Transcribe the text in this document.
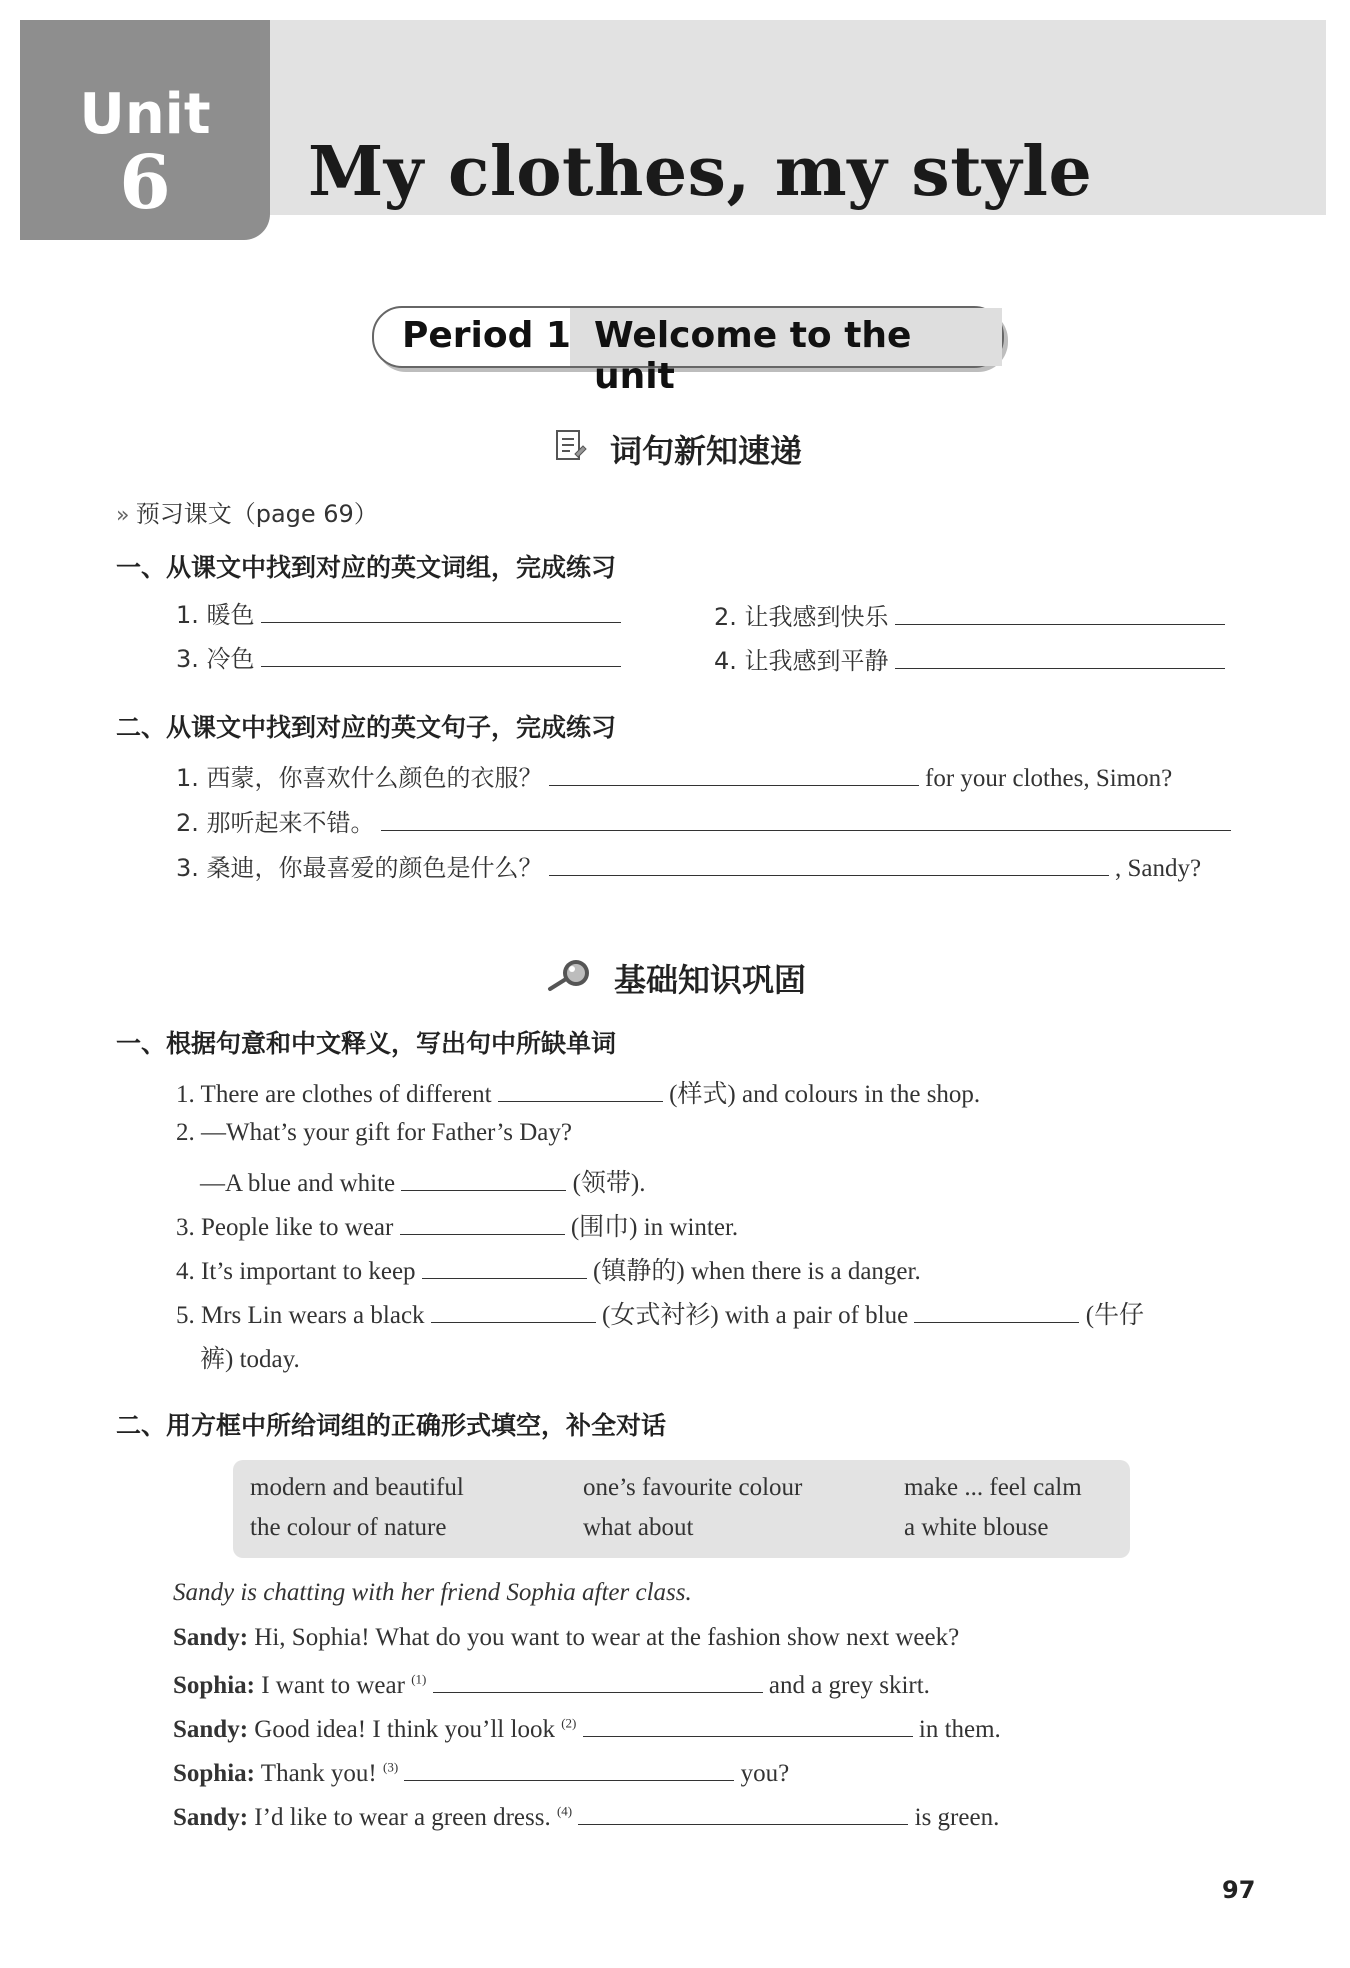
Unit
6	My clothes, my style
Period 1 Welcome to the unit
词句新知速递
» 预习课文（page 69）
一、从课文中找到对应的英文词组，完成练习
1. 暖色	2. 让我感到快乐
3. 冷色	4. 让我感到平静
二、从课文中找到对应的英文句子，完成练习
1. 西蒙，你喜欢什么颜色的衣服？	for your clothes, Simon?
2. 那听起来不错。
3. 桑迪，你最喜爱的颜色是什么？	, Sandy?
基础知识巩固
一、根据句意和中文释义，写出句中所缺单词
1. There are clothes of different	(样式) and colours in the shop.
2. —What’s your gift for Father’s Day?
—A blue and white	(领带).
3. People like to wear	(围巾) in winter.
4. It’s important to keep	(镇静的) when there is a danger.
5. Mrs Lin wears a black	(女式衬衫) with a pair of blue	(牛仔
裤) today.
二、用方框中所给词组的正确形式填空，补全对话
modern and beautiful	one’s favourite colour	make ... feel calm
the colour of nature	what about	a white blouse
Sandy is chatting with her friend Sophia after class.
Sandy: Hi, Sophia! What do you want to wear at the fashion show next week?
Sophia: I want to wear $^{(1)}$	and a grey skirt.
Sandy: Good idea! I think you’ll look $^{(2)}$	in them.
Sophia: Thank you! $^{(3)}$	you?
Sandy: I’d like to wear a green dress. $^{(4)}$	is green.
97
